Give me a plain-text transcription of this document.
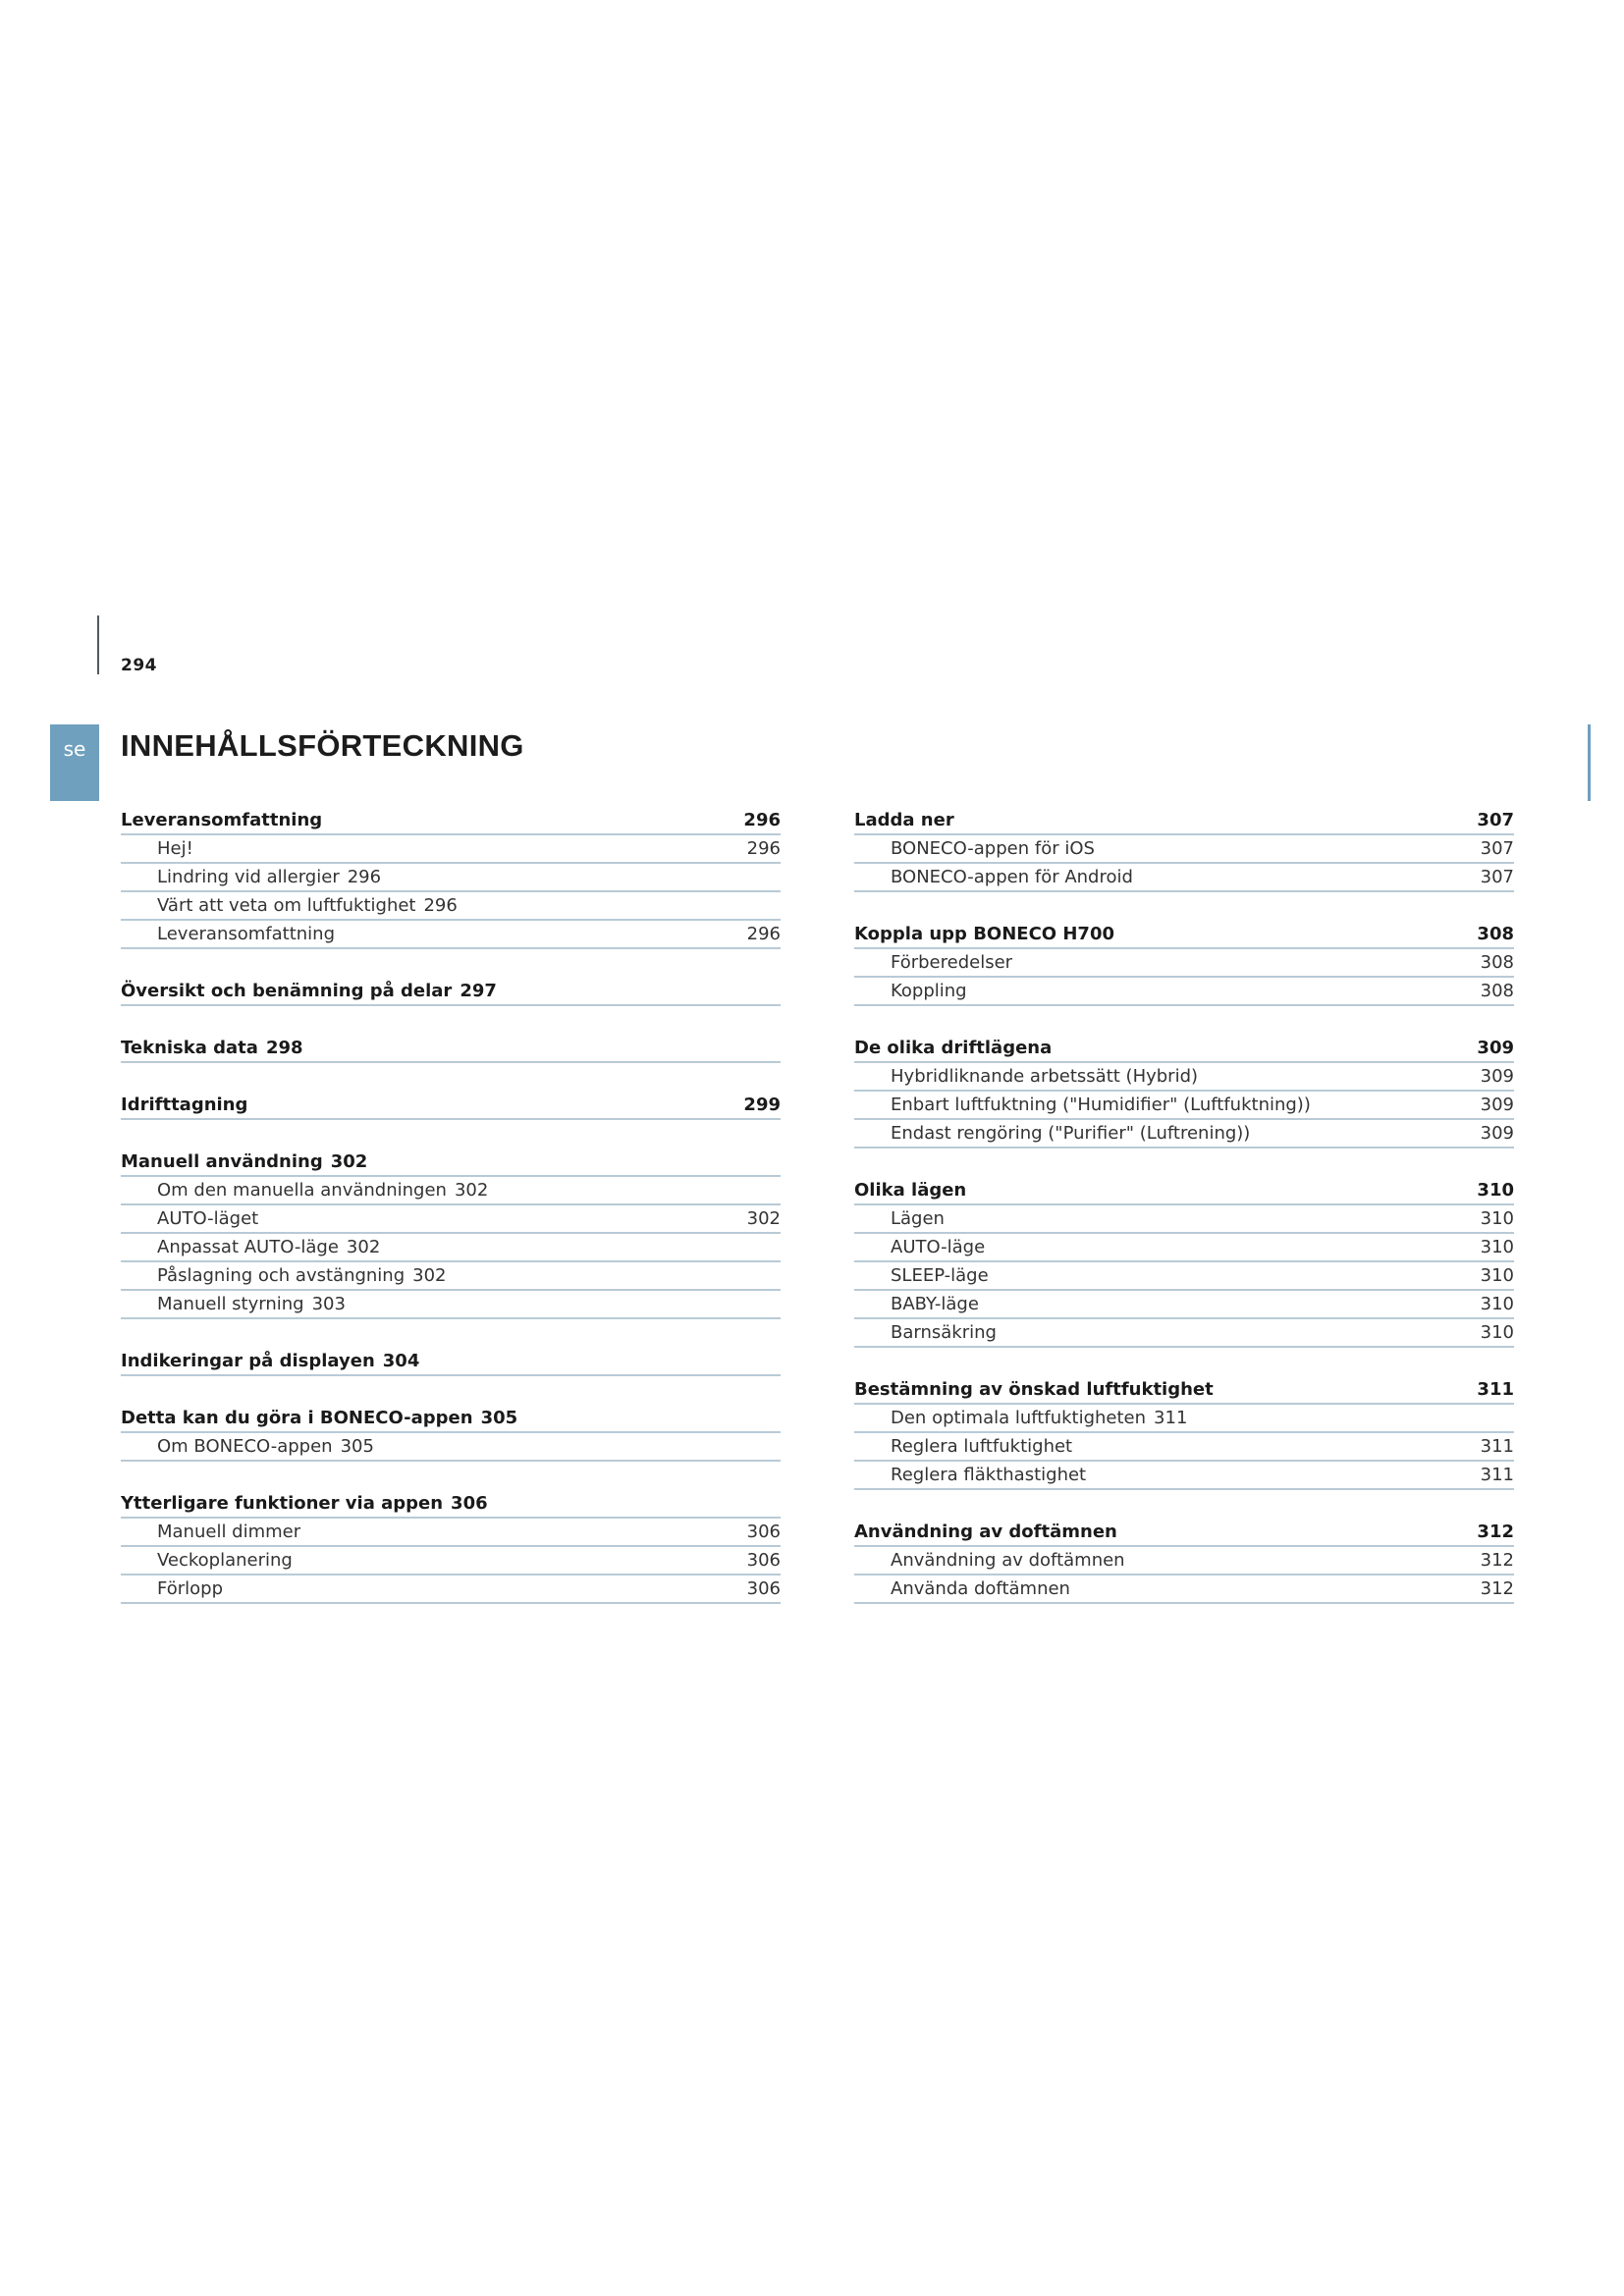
294
se	INNEHÅLLSFÖRTECKNING
Leveransomfattning	296
Hej!	296
Lindring vid allergier 296
Värt att veta om luftfuktighet 296
Leveransomfattning	296
Översikt och benämning på delar 297
Tekniska data 298
Idrifttagning	299
Manuell användning 302
Om den manuella användningen 302
AUTO-läget	302
Anpassat AUTO-läge 302
Påslagning och avstängning 302
Manuell styrning 303
Indikeringar på displayen 304
Detta kan du göra i BONECO-appen 305
Om BONECO-appen 305
Ytterligare funktioner via appen 306
Manuell dimmer	306
Veckoplanering	306
Förlopp	306
Ladda ner	307
BONECO-appen för iOS	307
BONECO-appen för Android	307
Koppla upp BONECO H700	308
Förberedelser	308
Koppling	308
De olika driftlägena	309
Hybridliknande arbetssätt (Hybrid)	309
Enbart luftfuktning ("Humidifier" (Luftfuktning))	309
Endast rengöring ("Purifier" (Luftrening))	309
Olika lägen	310
Lägen	310
AUTO-läge	310
SLEEP-läge	310
BABY-läge	310
Barnsäkring	310
Bestämning av önskad luftfuktighet	311
Den optimala luftfuktigheten 311
Reglera luftfuktighet	311
Reglera fläkthastighet	311
Användning av doftämnen	312
Användning av doftämnen	312
Använda doftämnen	312
